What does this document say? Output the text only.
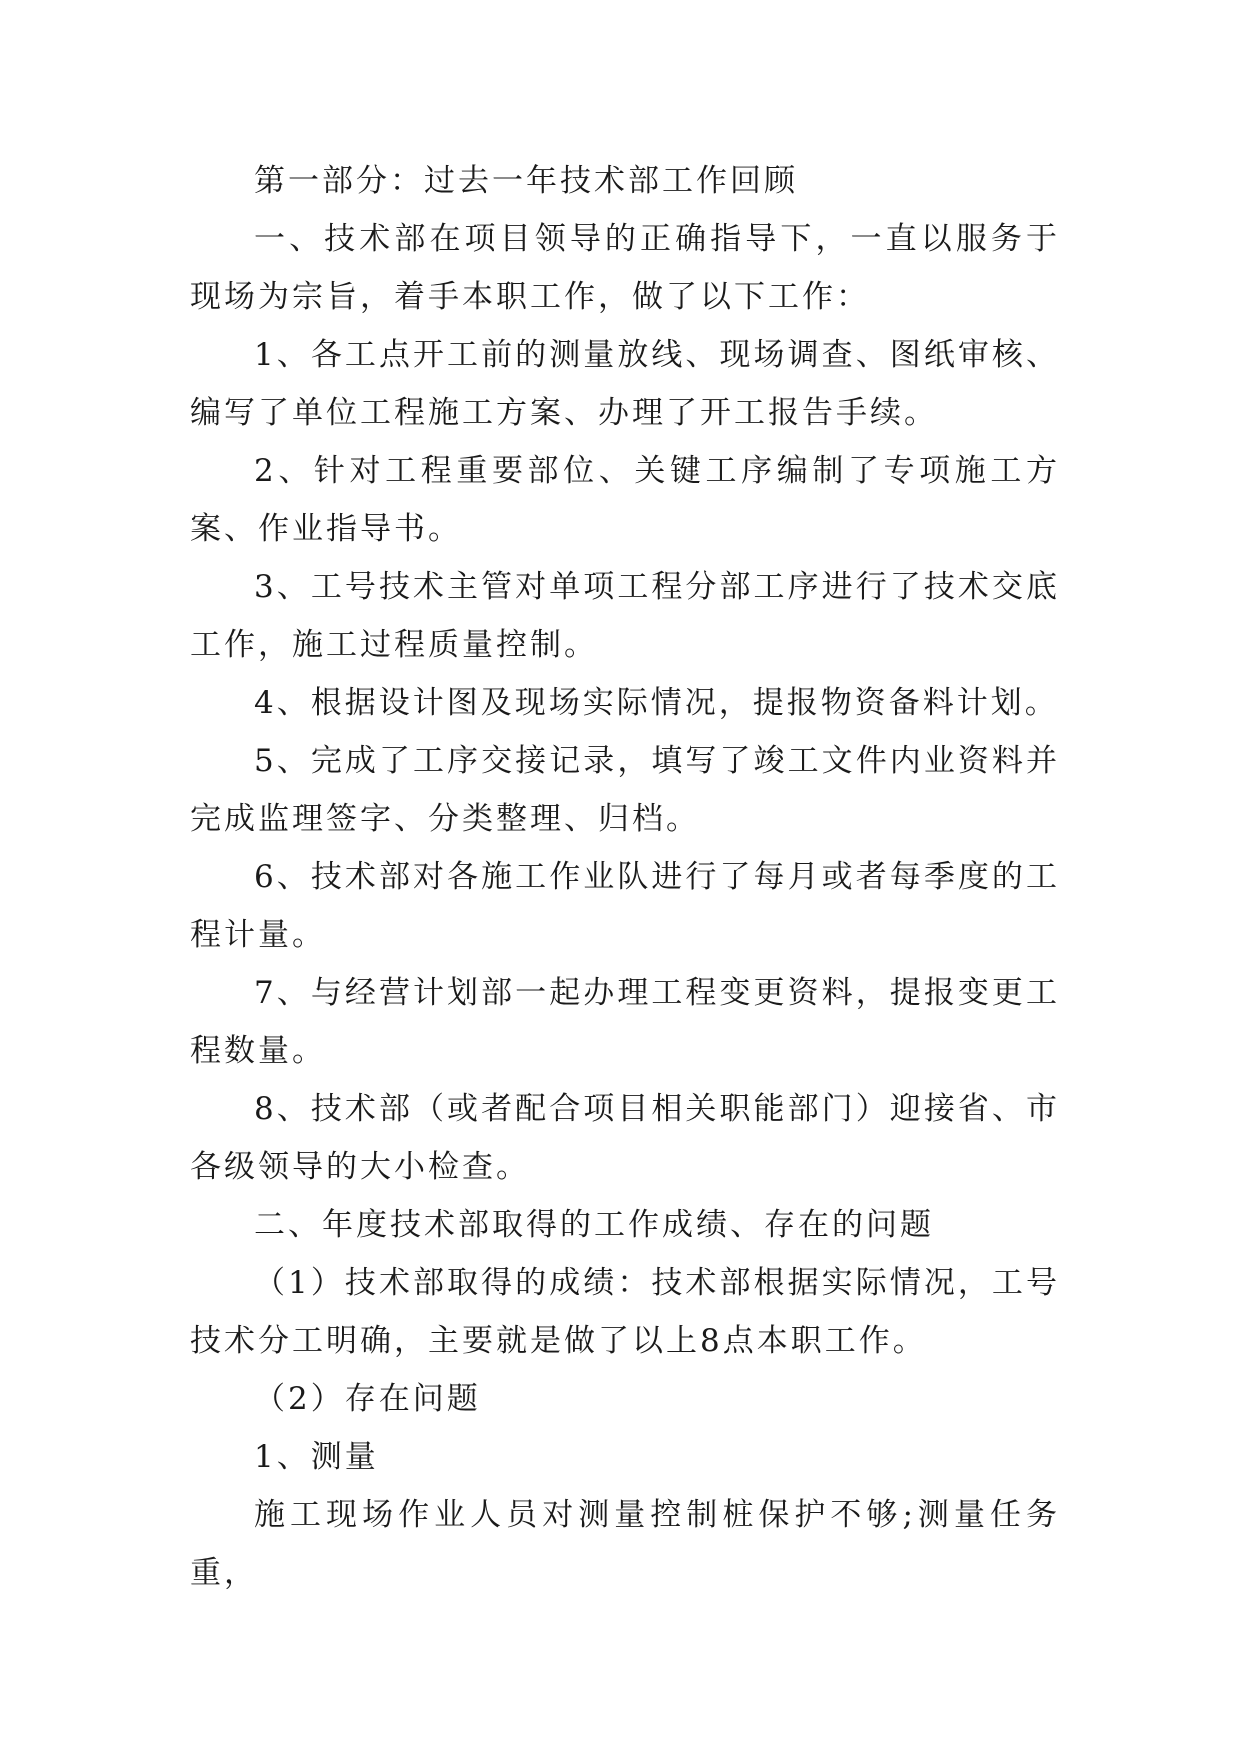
第一部分：过去一年技术部工作回顾

一、技术部在项目领导的正确指导下，一直以服务于现场为宗旨，着手本职工作，做了以下工作：

1、各工点开工前的测量放线、现场调查、图纸审核、编写了单位工程施工方案、办理了开工报告手续。

2、针对工程重要部位、关键工序编制了专项施工方案、作业指导书。

3、工号技术主管对单项工程分部工序进行了技术交底工作，施工过程质量控制。

4、根据设计图及现场实际情况，提报物资备料计划。

5、完成了工序交接记录，填写了竣工文件内业资料并完成监理签字、分类整理、归档。

6、技术部对各施工作业队进行了每月或者每季度的工程计量。

7、与经营计划部一起办理工程变更资料，提报变更工程数量。

8、技术部（或者配合项目相关职能部门）迎接省、市各级领导的大小检查。

二、年度技术部取得的工作成绩、存在的问题

（1）技术部取得的成绩：技术部根据实际情况，工号技术分工明确，主要就是做了以上8点本职工作。

（2）存在问题

1、测量

施工现场作业人员对测量控制桩保护不够;测量任务重，
